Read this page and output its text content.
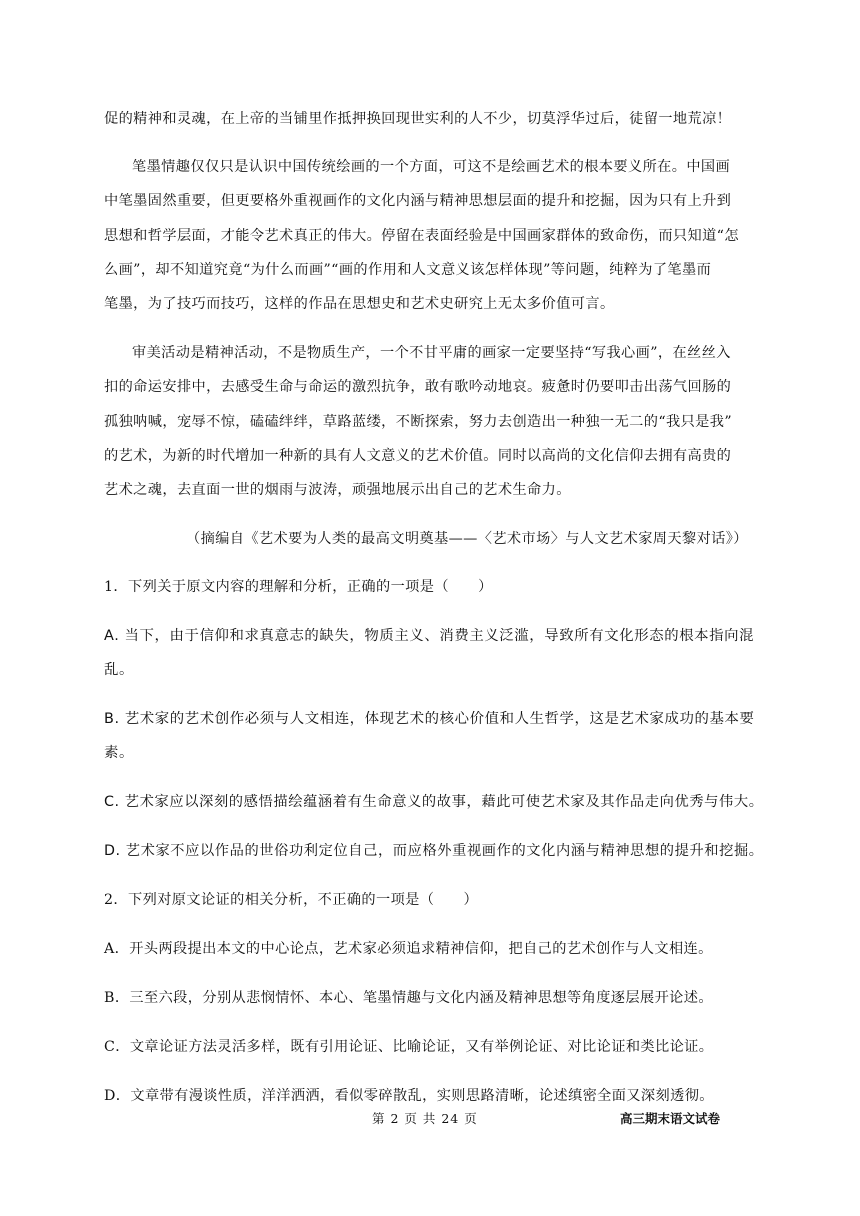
促的精神和灵魂，在上帝的当铺里作抵押换回现世实利的人不少，切莫浮华过后，徒留一地荒凉！
笔墨情趣仅仅只是认识中国传统绘画的一个方面，可这不是绘画艺术的根本要义所在。中国画
中笔墨固然重要，但更要格外重视画作的文化内涵与精神思想层面的提升和挖掘，因为只有上升到
思想和哲学层面，才能令艺术真正的伟大。停留在表面经验是中国画家群体的致命伤，而只知道“怎
么画”，却不知道究竟“为什么而画”“画的作用和人文意义该怎样体现”等问题，纯粹为了笔墨而
笔墨，为了技巧而技巧，这样的作品在思想史和艺术史研究上无太多价值可言。
审美活动是精神活动，不是物质生产，一个不甘平庸的画家一定要坚持“写我心画”，在丝丝入
扣的命运安排中，去感受生命与命运的激烈抗争，敢有歌吟动地哀。疲惫时仍要叩击出荡气回肠的
孤独呐喊，宠辱不惊，磕磕绊绊，草路蓝缕，不断探索，努力去创造出一种独一无二的“我只是我”
的艺术，为新的时代增加一种新的具有人文意义的艺术价值。同时以高尚的文化信仰去拥有高贵的
艺术之魂，去直面一世的烟雨与波涛，顽强地展示出自己的艺术生命力。
（摘编自《艺术要为人类的最高文明奠基——〈艺术市场〉与人文艺术家周天黎对话》）
1．下列关于原文内容的理解和分析，正确的一项是（　　）
A. 当下，由于信仰和求真意志的缺失，物质主义、消费主义泛滥，导致所有文化形态的根本指向混
乱。
B. 艺术家的艺术创作必须与人文相连，体现艺术的核心价值和人生哲学，这是艺术家成功的基本要
素。
C. 艺术家应以深刻的感悟描绘蕴涵着有生命意义的故事，藉此可使艺术家及其作品走向优秀与伟大。
D. 艺术家不应以作品的世俗功利定位自己，而应格外重视画作的文化内涵与精神思想的提升和挖掘。
2．下列对原文论证的相关分析，不正确的一项是（　　）
A．开头两段提出本文的中心论点，艺术家必须追求精神信仰，把自己的艺术创作与人文相连。
B．三至六段，分别从悲悯情怀、本心、笔墨情趣与文化内涵及精神思想等角度逐层展开论述。
C．文章论证方法灵活多样，既有引用论证、比喻论证，又有举例论证、对比论证和类比论证。
D．文章带有漫谈性质，洋洋洒洒，看似零碎散乱，实则思路清晰，论述缜密全面又深刻透彻。
第 2 页 共 24 页	高三期末语文试卷
